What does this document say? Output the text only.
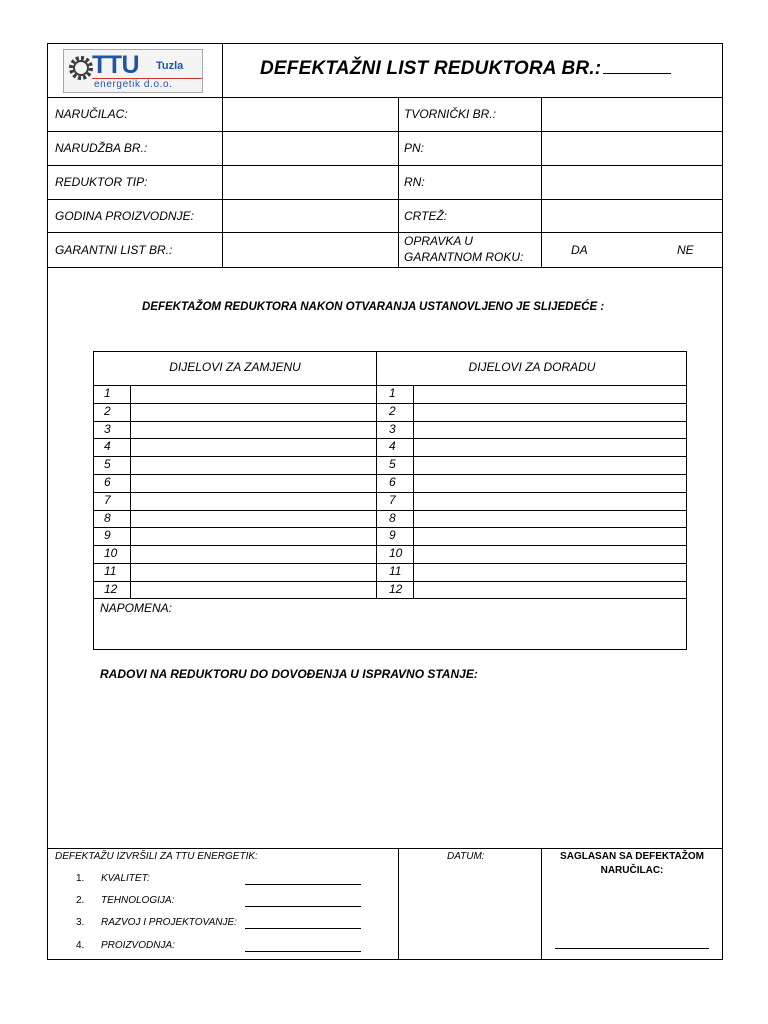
TTU Tuzla
energetik d.o.o.
DEFEKTAŽNI LIST REDUKTORA BR.:
NARUČILAC:	TVORNIČKI BR.:
NARUDŽBA BR.:	PN:
REDUKTOR TIP:	RN:
GODINA PROIZVODNJE:	CRTEŽ:
GARANTNI LIST BR.:
OPRAVKA U
GARANTNOM ROKU:	DA	NE
DEFEKTAŽOM REDUKTORA NAKON OTVARANJA USTANOVLJENO JE SLIJEDEĆE :
DIJELOVI ZA ZAMJENU	DIJELOVI ZA DORADU
1	1
2	2
3	3
4	4
5	5
6	6
7	7
8	8
9	9
10	10
11	11
12	12
NAPOMENA:
RADOVI NA REDUKTORU DO DOVOĐENJA U ISPRAVNO STANJE:
DEFEKTAŽU IZVRŠILI ZA TTU ENERGETIK:
1. KVALITET:
2. TEHNOLOGIJA:
3. RAZVOJ I PROJEKTOVANJE:
4. PROIZVODNJA:
DATUM:	SAGLASAN SA DEFEKTAŽOM
NARUČILAC:
